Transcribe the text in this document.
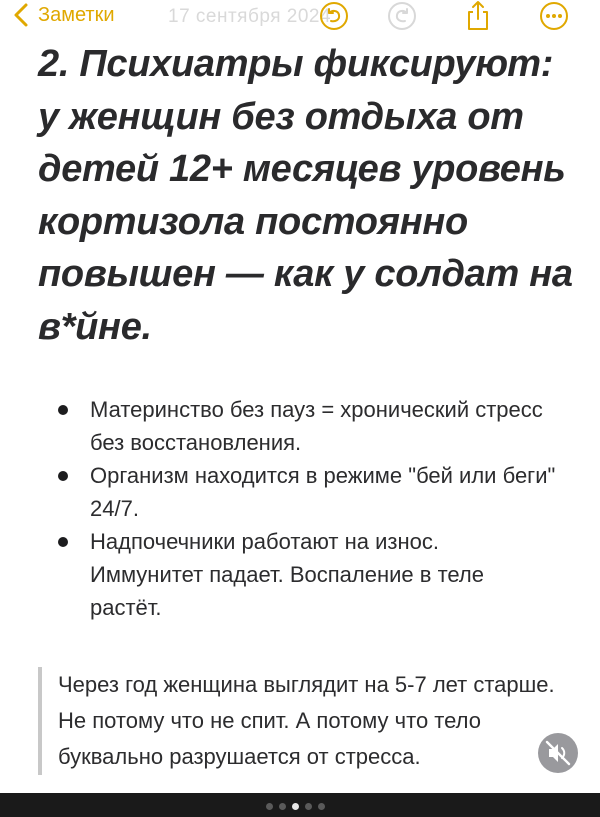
Заметки	17 сентября 2024
2. Психиатры фиксируют: у женщин без отдыха от детей 12+ месяцев уровень кортизола постоянно повышен — как у солдат на в*йне.
Материнство без пауз = хронический стресс без восстановления.
Организм находится в режиме "бей или беги" 24/7.
Надпочечники работают на износ. Иммунитет падает. Воспаление в теле растёт.
Через год женщина выглядит на 5-7 лет старше. Не потому что не спит. А потому что тело буквально разрушается от стресса.
